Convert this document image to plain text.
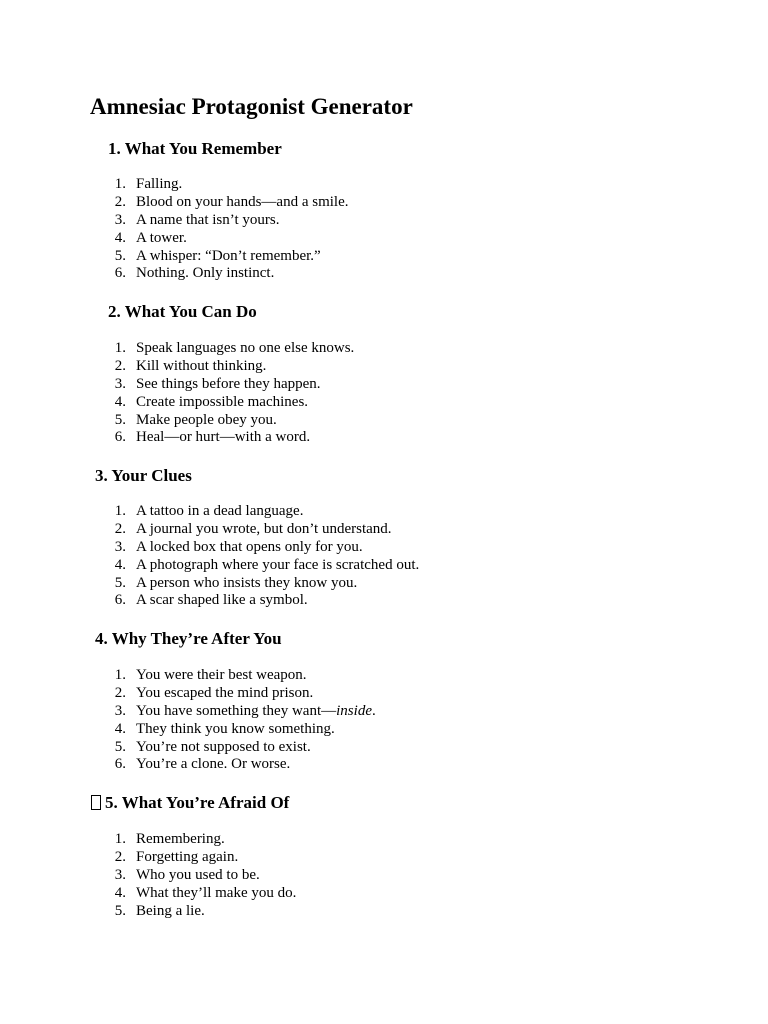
Amnesiac Protagonist Generator
1. What You Remember
1. Falling.
2. Blood on your hands—and a smile.
3. A name that isn’t yours.
4. A tower.
5. A whisper: “Don’t remember.”
6. Nothing. Only instinct.
2. What You Can Do
1. Speak languages no one else knows.
2. Kill without thinking.
3. See things before they happen.
4. Create impossible machines.
5. Make people obey you.
6. Heal—or hurt—with a word.
3. Your Clues
1. A tattoo in a dead language.
2. A journal you wrote, but don’t understand.
3. A locked box that opens only for you.
4. A photograph where your face is scratched out.
5. A person who insists they know you.
6. A scar shaped like a symbol.
4. Why They’re After You
1. You were their best weapon.
2. You escaped the mind prison.
3. You have something they want—inside.
4. They think you know something.
5. You’re not supposed to exist.
6. You’re a clone. Or worse.
5. What You’re Afraid Of
1. Remembering.
2. Forgetting again.
3. Who you used to be.
4. What they’ll make you do.
5. Being a lie.
